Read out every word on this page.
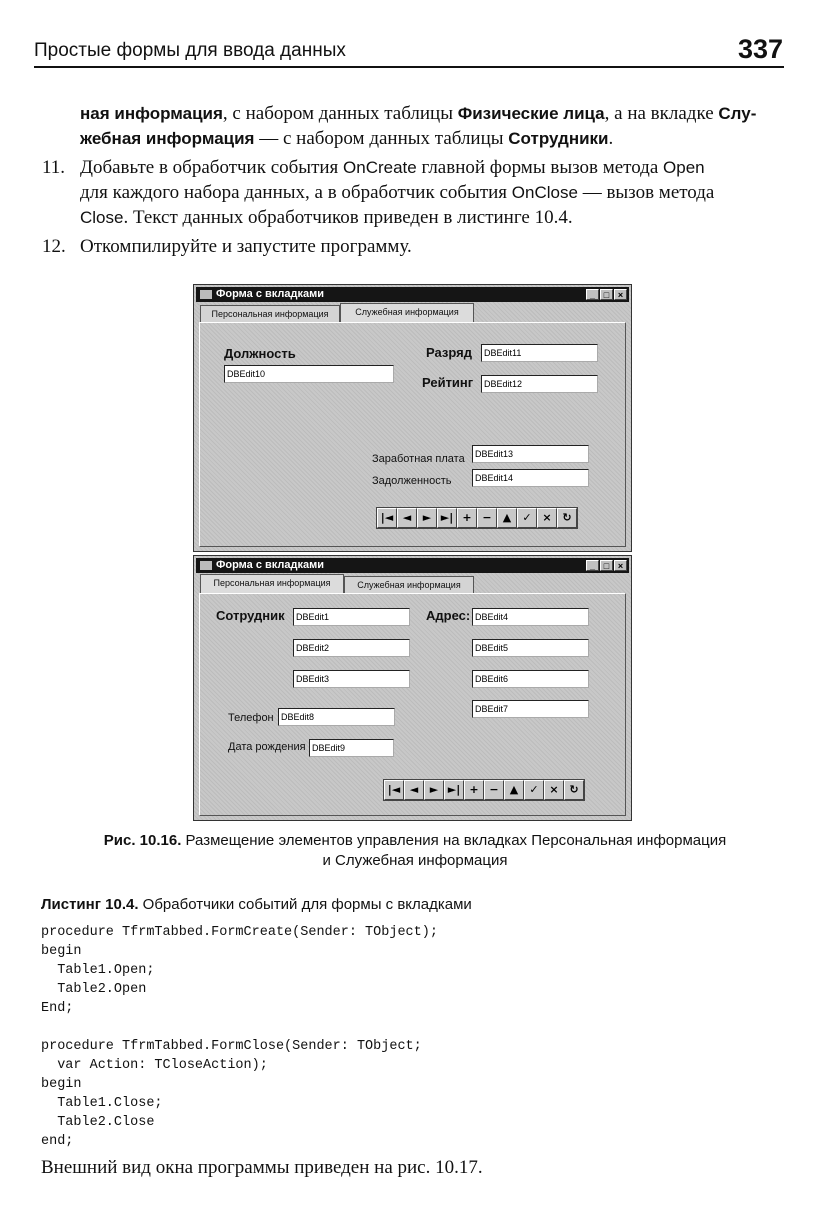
Простые формы для ввода данных	337
ная информация, с набором данных таблицы Физические лица, а на вкладке Слу-
жебная информация — с набором данных таблицы Сотрудники.
11. Добавьте в обработчик события OnCreate главной формы вызов метода Open
для каждого набора данных, а в обработчик события OnClose — вызов метода
Close. Текст данных обработчиков приведен в листинге 10.4.
12. Откомпилируйте и запустите программу.
Форма с вкладками	_ □ ×
Персональная информация	Служебная информация
Должность
DBEdit10
Разряд	DBEdit11
Рейтинг	DBEdit12
Заработная плата	DBEdit13
Задолженность	DBEdit14
|◄ ◄	► ►| + −	▲	✓ × ↻
Форма с вкладками	_ □ ×
Персональная информация	Служебная информация
Сотрудник	DBEdit1
DBEdit2
DBEdit3
Адрес: DBEdit4
DBEdit5
DBEdit6
DBEdit7
Телефон DBEdit8
Дата рождения DBEdit9
|◄ ◄	► ►| + −	▲	✓ × ↻
Рис. 10.16. Размещение элементов управления на вкладках Персональная информация
и Служебная информация
Листинг 10.4. Обработчики событий для формы с вкладками
procedure TfrmTabbed.FormCreate(Sender: TObject);
begin
Table1.Open;
Table2.Open
End;

procedure TfrmTabbed.FormClose(Sender: TObject;
var Action: TCloseAction);
begin
Table1.Close;
Table2.Close
end;
Внешний вид окна программы приведен на рис. 10.17.
